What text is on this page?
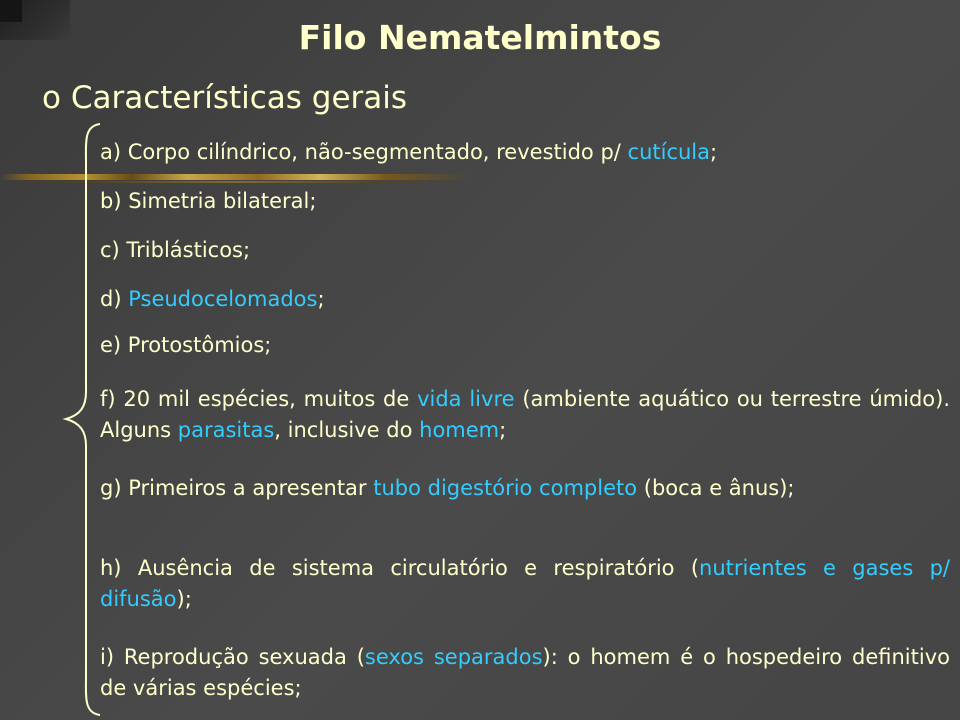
Filo Nematelmintos
o Características gerais
a) Corpo cilíndrico, não-segmentado, revestido p/ cutícula;
b) Simetria bilateral;
c) Triblásticos;
d) Pseudocelomados;
e) Protostômios;
f) 20 mil espécies, muitos de vida livre (ambiente aquático ou terrestre úmido). Alguns parasitas, inclusive do homem;
g) Primeiros a apresentar tubo digestório completo (boca e ânus);
h) Ausência de sistema circulatório e respiratório (nutrientes e gases p/ difusão);
i) Reprodução sexuada (sexos separados): o homem é o hospedeiro definitivo de várias espécies;
